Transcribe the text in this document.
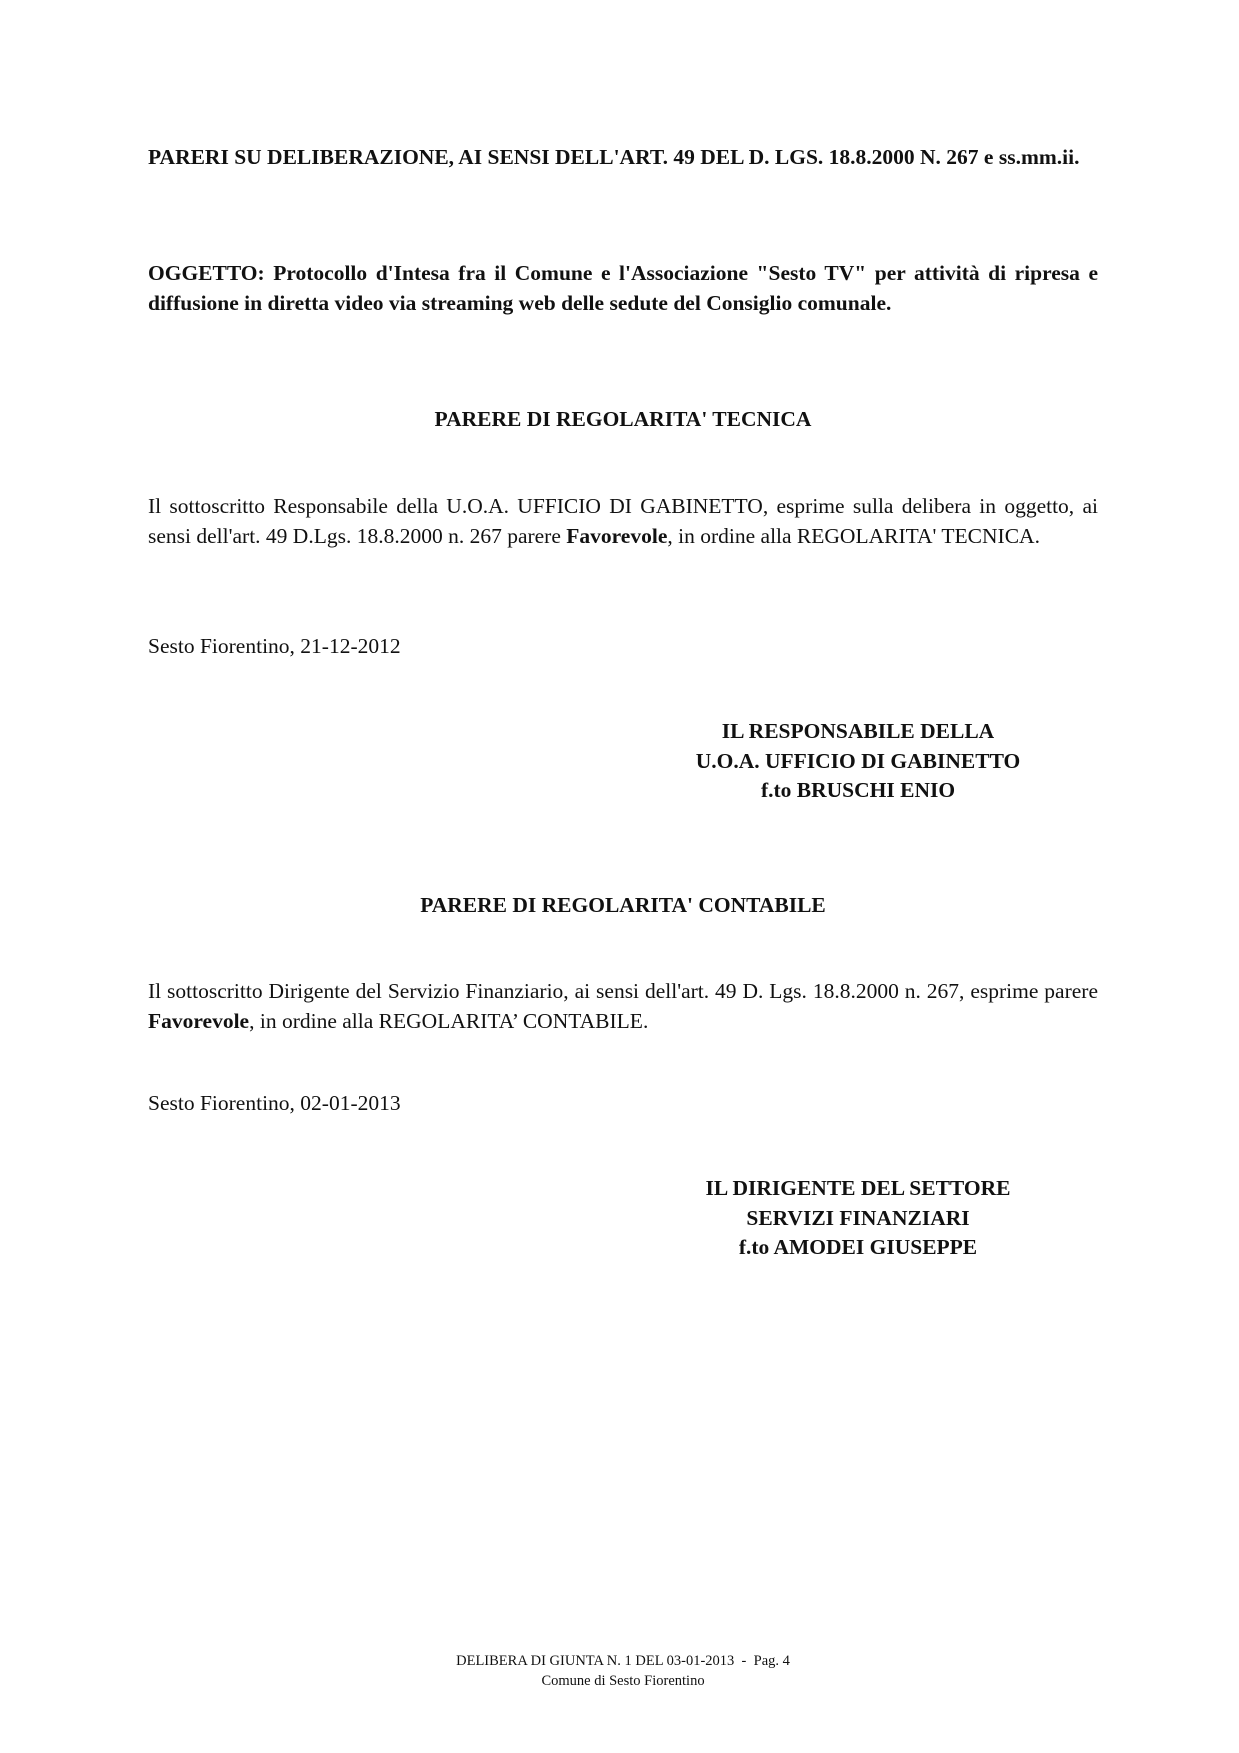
PARERI SU DELIBERAZIONE, AI SENSI DELL'ART. 49 DEL D. LGS. 18.8.2000 N. 267 e ss.mm.ii.
OGGETTO: Protocollo d'Intesa fra il Comune e l'Associazione "Sesto TV" per attività di ripresa e diffusione in diretta video via streaming web delle sedute del Consiglio comunale.
PARERE DI REGOLARITA' TECNICA
Il sottoscritto Responsabile della U.O.A. UFFICIO DI GABINETTO, esprime sulla delibera in oggetto, ai sensi dell'art. 49 D.Lgs. 18.8.2000 n. 267 parere Favorevole, in ordine alla REGOLARITA' TECNICA.
Sesto Fiorentino, 21-12-2012
IL RESPONSABILE DELLA
U.O.A. UFFICIO DI GABINETTO
f.to BRUSCHI ENIO
PARERE DI REGOLARITA' CONTABILE
Il sottoscritto Dirigente del Servizio Finanziario, ai sensi dell'art. 49 D. Lgs. 18.8.2000 n. 267, esprime parere Favorevole, in ordine alla REGOLARITA’ CONTABILE.
Sesto Fiorentino, 02-01-2013
IL DIRIGENTE DEL SETTORE
SERVIZI FINANZIARI
f.to AMODEI GIUSEPPE
DELIBERA DI GIUNTA N. 1 DEL 03-01-2013  -  Pag. 4
Comune di Sesto Fiorentino
